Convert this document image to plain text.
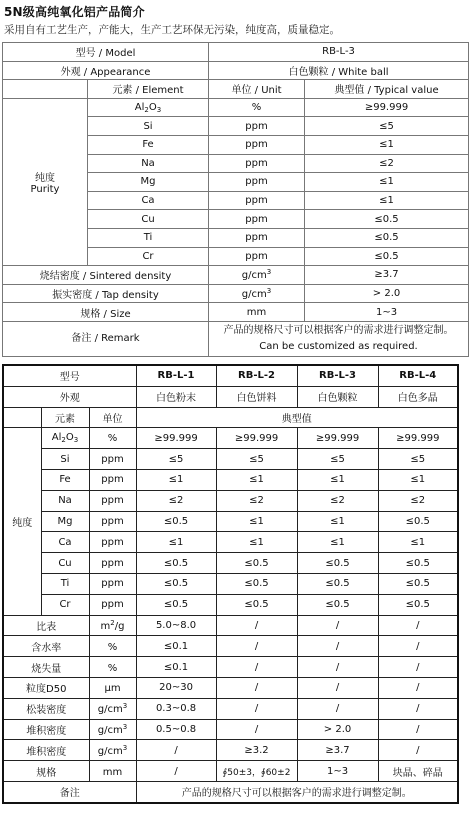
5N级高纯氧化铝产品简介
采用自有工艺生产，产能大，生产工艺环保无污染，纯度高，质量稳定。
型号 / Model		RB-L-3	
外观 / Appearance		白色颗粒 / White ball	
	元素 / Element	单位 / Unit	典型值 / Typical value

纯度
Purity	$Al_2O_3$	%	≥99.999
	Si	ppm	≤5
	Fe	ppm	≤1
	Na	ppm	≤2
	Mg	ppm	≤1
	Ca	ppm	≤1
	Cu	ppm	≤0.5
	Ti	ppm	≤0.5
	Cr	ppm	≤0.5
烧结密度 / Sintered density		$g/cm^3$	≥3.7
振实密度 / Tap density		$g/cm^3$	> 2.0
规格 / Size		mm	1~3
备注 / Remark		产品的规格尺寸可以根据客户的需求进行调整定制。
Can be customized as required.	
型号			RB-L-1	RB-L-2	RB-L-3	RB-L-4
外观			白色粉末	白色饼料	白色颗粒	白色多晶
	元素	单位	典型值			
纯度	$Al_2O_3$	%	≥99.999	≥99.999	≥99.999	≥99.999
	Si	ppm	≤5	≤5	≤5	≤5
	Fe	ppm	≤1	≤1	≤1	≤1
	Na	ppm	≤2	≤2	≤2	≤2
	Mg	ppm	≤0.5	≤1	≤1	≤0.5
	Ca	ppm	≤1	≤1	≤1	≤1
	Cu	ppm	≤0.5	≤0.5	≤0.5	≤0.5
	Ti	ppm	≤0.5	≤0.5	≤0.5	≤0.5
	Cr	ppm	≤0.5	≤0.5	≤0.5	≤0.5
比表		$m^2/g$	5.0~8.0	/	/	/
含水率		%	≤0.1	/	/	/
烧失量		%	≤0.1	/	/	/
粒度D50		μm	20~30	/	/	/
松装密度		$g/cm^3$	0.3~0.8	/	/	/
堆积密度		$g/cm^3$	0.5~0.8	/	> 2.0	/
堆积密度		$g/cm^3$	/	≥3.2	≥3.7	/
规格		mm	/	∮50±3，∮60±2	1~3	块晶、碎晶
备注			产品的规格尺寸可以根据客户的需求进行调整定制。			
